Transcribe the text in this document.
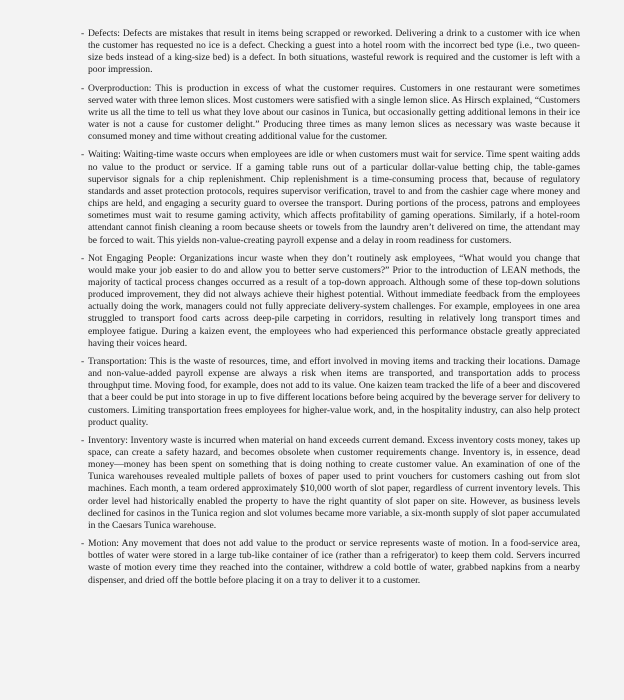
- Defects: Defects are mistakes that result in items being scrapped or reworked. Delivering a drink to a customer with ice when the customer has requested no ice is a defect. Checking a guest into a hotel room with the incorrect bed type (i.e., two queen-size beds instead of a king-size bed) is a defect. In both situations, wasteful rework is required and the customer is left with a poor impression.
- Overproduction: This is production in excess of what the customer requires. Customers in one restaurant were sometimes served water with three lemon slices. Most customers were satisfied with a single lemon slice. As Hirsch explained, “Customers write us all the time to tell us what they love about our casinos in Tunica, but occasionally getting additional lemons in their ice water is not a cause for customer delight.” Producing three times as many lemon slices as necessary was waste because it consumed money and time without creating additional value for the customer.
- Waiting: Waiting-time waste occurs when employees are idle or when customers must wait for service. Time spent waiting adds no value to the product or service. If a gaming table runs out of a particular dollar-value betting chip, the table-games supervisor signals for a chip replenishment. Chip replenishment is a time-consuming process that, because of regulatory standards and asset protection protocols, requires supervisor verification, travel to and from the cashier cage where money and chips are held, and engaging a security guard to oversee the transport. During portions of the process, patrons and employees sometimes must wait to resume gaming activity, which affects profitability of gaming operations. Similarly, if a hotel-room attendant cannot finish cleaning a room because sheets or towels from the laundry aren’t delivered on time, the attendant may be forced to wait. This yields non-value-creating payroll expense and a delay in room readiness for customers.
- Not Engaging People: Organizations incur waste when they don’t routinely ask employees, “What would you change that would make your job easier to do and allow you to better serve customers?” Prior to the introduction of LEAN methods, the majority of tactical process changes occurred as a result of a top-down approach. Although some of these top-down solutions produced improvement, they did not always achieve their highest potential. Without immediate feedback from the employees actually doing the work, managers could not fully appreciate delivery-system challenges. For example, employees in one area struggled to transport food carts across deep-pile carpeting in corridors, resulting in relatively long transport times and employee fatigue. During a kaizen event, the employees who had experienced this performance obstacle greatly appreciated having their voices heard.
- Transportation: This is the waste of resources, time, and effort involved in moving items and tracking their locations. Damage and non-value-added payroll expense are always a risk when items are transported, and transportation adds to process throughput time. Moving food, for example, does not add to its value. One kaizen team tracked the life of a beer and discovered that a beer could be put into storage in up to five different locations before being acquired by the beverage server for delivery to customers. Limiting transportation frees employees for higher-value work, and, in the hospitality industry, can also help protect product quality.
- Inventory: Inventory waste is incurred when material on hand exceeds current demand. Excess inventory costs money, takes up space, can create a safety hazard, and becomes obsolete when customer requirements change. Inventory is, in essence, dead money—money has been spent on something that is doing nothing to create customer value. An examination of one of the Tunica warehouses revealed multiple pallets of boxes of paper used to print vouchers for customers cashing out from slot machines. Each month, a team ordered approximately $10,000 worth of slot paper, regardless of current inventory levels. This order level had historically enabled the property to have the right quantity of slot paper on site. However, as business levels declined for casinos in the Tunica region and slot volumes became more variable, a six-month supply of slot paper accumulated in the Caesars Tunica warehouse.
- Motion: Any movement that does not add value to the product or service represents waste of motion. In a food-service area, bottles of water were stored in a large tub-like container of ice (rather than a refrigerator) to keep them cold. Servers incurred waste of motion every time they reached into the container, withdrew a cold bottle of water, grabbed napkins from a nearby dispenser, and dried off the bottle before placing it on a tray to deliver it to a customer.
